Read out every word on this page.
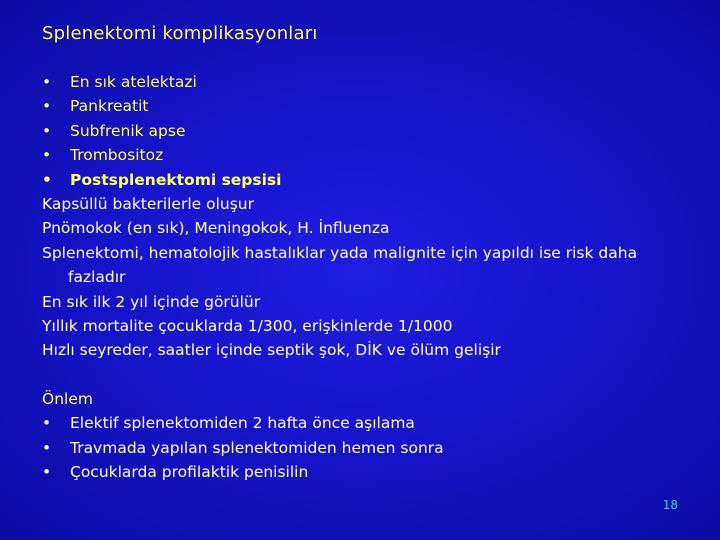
Splenektomi komplikasyonları
• En sık atelektazi
• Pankreatit
• Subfrenik apse
• Trombositoz
• Postsplenektomi sepsisi

Kapsüllü bakterilerle oluşur

Pnömokok (en sık), Meningokok, H. İnfluenza

Splenektomi, hematolojik hastalıklar yada malignite için yapıldı ise risk daha fazladır

En sık ilk 2 yıl içinde görülür

Yıllık mortalite çocuklarda 1/300, erişkinlerde 1/1000

Hızlı seyreder, saatler içinde septik şok, DİK ve ölüm gelişir

Önlem

• Elektif splenektomiden 2 hafta önce aşılama
• Travmada yapılan splenektomiden hemen sonra
• Çocuklarda profilaktik penisilin
18
